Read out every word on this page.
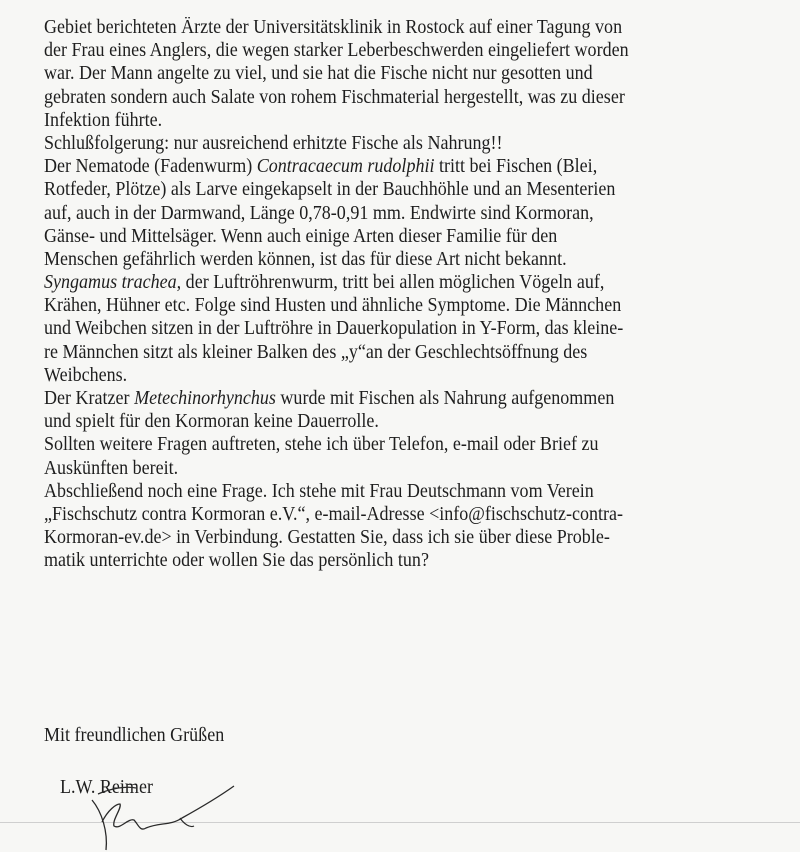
Gebiet berichteten Ärzte der Universitätsklinik in Rostock auf einer Tagung von
der Frau eines Anglers, die wegen starker Leberbeschwerden eingeliefert worden
war. Der Mann angelte zu viel, und sie hat die Fische nicht nur gesotten und
gebraten sondern auch Salate von rohem Fischmaterial hergestellt, was zu dieser
Infektion führte.
Schlußfolgerung: nur ausreichend erhitzte Fische als Nahrung!!
Der Nematode (Fadenwurm) Contracaecum rudolphii tritt bei Fischen (Blei,
Rotfeder, Plötze) als Larve eingekapselt in der Bauchhöhle und an Mesenterien
auf, auch in der Darmwand, Länge 0,78-0,91 mm. Endwirte sind Kormoran,
Gänse- und Mittelsäger. Wenn auch einige Arten dieser Familie für den
Menschen gefährlich werden können, ist das für diese Art nicht bekannt.
Syngamus trachea, der Luftröhrenwurm, tritt bei allen möglichen Vögeln auf,
Krähen, Hühner etc. Folge sind Husten und ähnliche Symptome. Die Männchen
und Weibchen sitzen in der Luftröhre in Dauerkopulation in Y-Form, das kleine-
re Männchen sitzt als kleiner Balken des „y“an der Geschlechtsöffnung des
Weibchens.
Der Kratzer Metechinorhynchus wurde mit Fischen als Nahrung aufgenommen
und spielt für den Kormoran keine Dauerrolle.
Sollten weitere Fragen auftreten, stehe ich über Telefon, e-mail oder Brief zu
Auskünften bereit.
Abschließend noch eine Frage. Ich stehe mit Frau Deutschmann vom Verein
„Fischschutz contra Kormoran e.V.“, e-mail-Adresse <info@fischschutz-contra-
Kormoran-ev.de> in Verbindung. Gestatten Sie, dass ich sie über diese Proble-
matik unterrichte oder wollen Sie das persönlich tun?
Mit freundlichen Grüßen
L.W. Reimer
